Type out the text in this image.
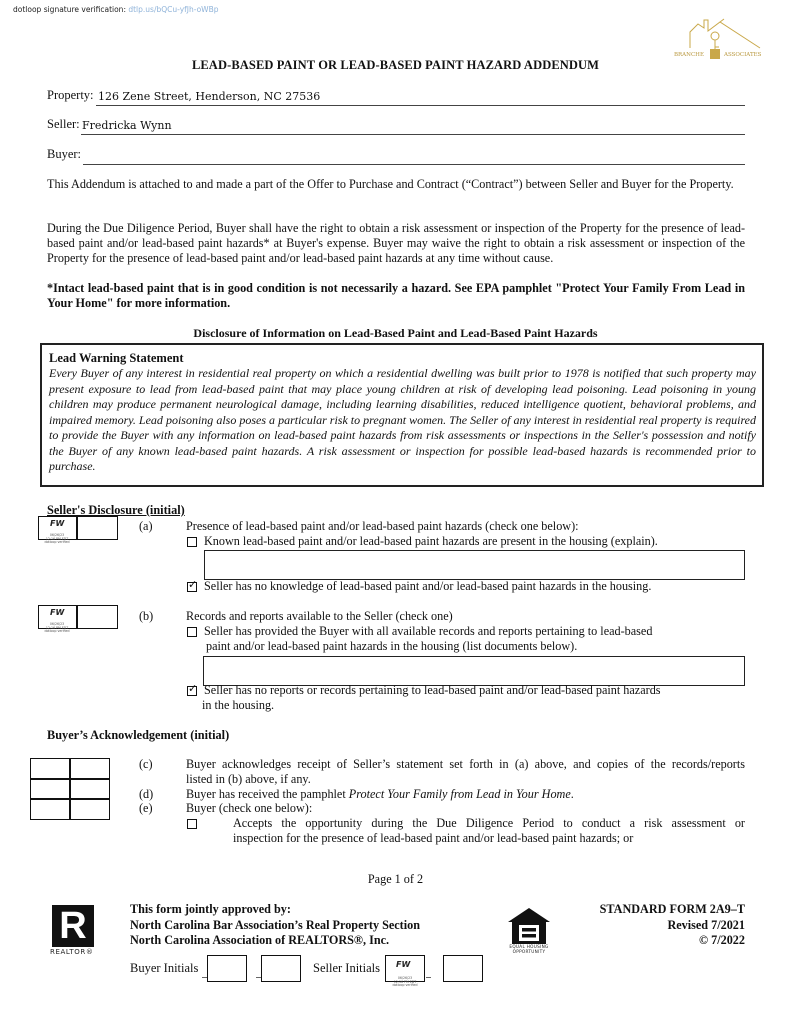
dotloop signature verification: dtlp.us/bQCu-yfJh-oWBp
BRANCHE	ASSOCIATES
LEAD-BASED PAINT OR LEAD-BASED PAINT HAZARD ADDENDUM
Property: 126 Zene Street, Henderson, NC 27536
Seller: Fredricka Wynn
Buyer:
This Addendum is attached to and made a part of the Offer to Purchase and Contract (“Contract”) between Seller and Buyer for the Property.
During the Due Diligence Period, Buyer shall have the right to obtain a risk assessment or inspection of the Property for the presence of lead-based paint and/or lead-based paint hazards* at Buyer's expense. Buyer may waive the right to obtain a risk assessment or inspection of the Property for the presence of lead-based paint and/or lead-based paint hazards at any time without cause.
*Intact lead-based paint that is in good condition is not necessarily a hazard. See EPA pamphlet "Protect Your Family From Lead in Your Home" for more information.
Disclosure of Information on Lead-Based Paint and Lead-Based Paint Hazards
Lead Warning Statement
Every Buyer of any interest in residential real property on which a residential dwelling was built prior to 1978 is notified that such property may present exposure to lead from lead-based paint that may place young children at risk of developing lead poisoning. Lead poisoning in young children may produce permanent neurological damage, including learning disabilities, reduced intelligence quotient, behavioral problems, and impaired memory. Lead poisoning also poses a particular risk to pregnant women. The Seller of any interest in residential real property is required to provide the Buyer with any information on lead-based paint hazards from risk assessments or inspections in the Seller's possession and notify the Buyer of any known lead-based paint hazards. A risk assessment or inspection for possible lead-based hazards is recommended prior to purchase.
Seller's Disclosure (initial)
FW
06/26/23
12:16 PM EDT
dotloop verified
(a)	Presence of lead-based paint and/or lead-based paint hazards (check one below):
Known lead-based paint and/or lead-based paint hazards are present in the housing (explain).
✓ Seller has no knowledge of lead-based paint and/or lead-based paint hazards in the housing.
FW
06/26/23
12:16 PM EDT
dotloop verified
(b)	Records and reports available to the Seller (check one)
Seller has provided the Buyer with all available records and reports pertaining to lead-based
paint and/or lead-based paint hazards in the housing (list documents below).
✓ Seller has no reports or records pertaining to lead-based paint and/or lead-based paint hazards
in the housing.
Buyer’s Acknowledgement (initial)
(c)	Buyer acknowledges receipt of Seller’s statement set forth in (a) above, and copies of the records/reports
listed in (b) above, if any.
(d)	Buyer has received the pamphlet Protect Your Family from Lead in Your Home.
(e)	Buyer (check one below):
Accepts the opportunity during the Due Diligence Period to conduct a risk assessment or
inspection for the presence of lead-based paint and/or lead-based paint hazards; or
Page 1 of 2
R
REALTOR®
This form jointly approved by:
North Carolina Bar Association’s Real Property Section
North Carolina Association of REALTORS®, Inc.	EQUAL HOUSING
OPPORTUNITY
STANDARD FORM 2A9–T
Revised 7/2021
© 7/2022
Buyer Initials	Seller Initials FW
06/26/23
12:16 PM EDT
dotloop verified
